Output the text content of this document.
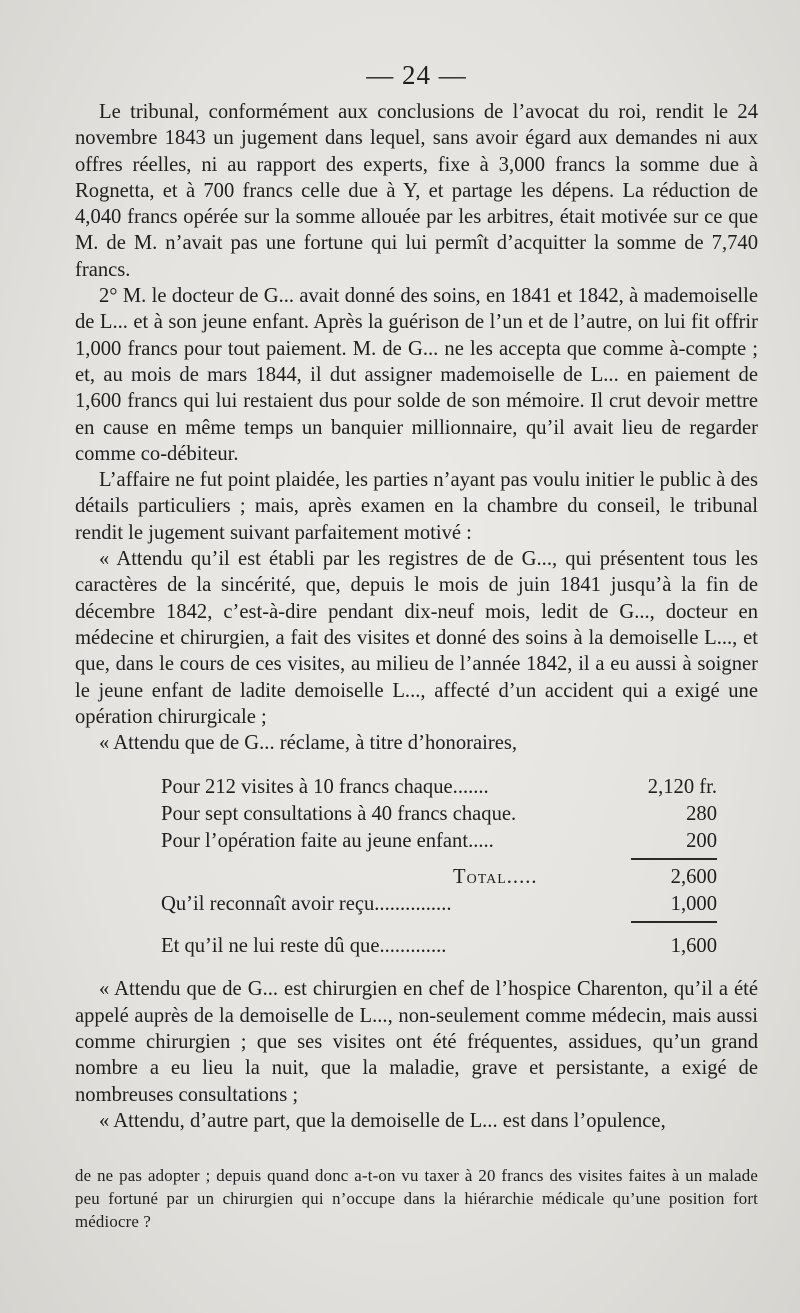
— 24 —

Le tribunal, conformément aux conclusions de l’avocat du roi, rendit le 24 novembre 1843 un jugement dans lequel, sans avoir égard aux demandes ni aux offres réelles, ni au rapport des experts, fixe à 3,000 francs la somme due à Rognetta, et à 700 francs celle due à Y, et partage les dépens. La réduction de 4,040 francs opérée sur la somme allouée par les arbitres, était motivée sur ce que M. de M. n’avait pas une fortune qui lui permît d’acquitter la somme de 7,740 francs.

2° M. le docteur de G... avait donné des soins, en 1841 et 1842, à mademoiselle de L... et à son jeune enfant. Après la guérison de l’un et de l’autre, on lui fit offrir 1,000 francs pour tout paiement. M. de G... ne les accepta que comme à-compte ; et, au mois de mars 1844, il dut assigner mademoiselle de L... en paiement de 1,600 francs qui lui restaient dus pour solde de son mémoire. Il crut devoir mettre en cause en même temps un banquier millionnaire, qu’il avait lieu de regarder comme co-débiteur.

L’affaire ne fut point plaidée, les parties n’ayant pas voulu initier le public à des détails particuliers ; mais, après examen en la chambre du conseil, le tribunal rendit le jugement suivant parfaitement motivé :

« Attendu qu’il est établi par les registres de de G..., qui présentent tous les caractères de la sincérité, que, depuis le mois de juin 1841 jusqu’à la fin de décembre 1842, c’est-à-dire pendant dix-neuf mois, ledit de G..., docteur en médecine et chirurgien, a fait des visites et donné des soins à la demoiselle L..., et que, dans le cours de ces visites, au milieu de l’année 1842, il a eu aussi à soigner le jeune enfant de ladite demoiselle L..., affecté d’un accident qui a exigé une opération chirurgicale ;

« Attendu que de G... réclame, à titre d’honoraires,

Pour 212 visites à 10 francs chaque.......	2,120 fr.
Pour sept consultations à 40 francs chaque.	280
Pour l’opération faite au jeune enfant.....	200
Total.....	2,600
Qu’il reconnaît avoir reçu...............	1,000
Et qu’il ne lui reste dû que.............	1,600

« Attendu que de G... est chirurgien en chef de l’hospice Charenton, qu’il a été appelé auprès de la demoiselle de L..., non-seulement comme médecin, mais aussi comme chirurgien ; que ses visites ont été fréquentes, assidues, qu’un grand nombre a eu lieu la nuit, que la maladie, grave et persistante, a exigé de nombreuses consultations ;

« Attendu, d’autre part, que la demoiselle de L... est dans l’opulence,

de ne pas adopter ; depuis quand donc a-t-on vu taxer à 20 francs des visites faites à un malade peu fortuné par un chirurgien qui n’occupe dans la hiérarchie médicale qu’une position fort médiocre ?
